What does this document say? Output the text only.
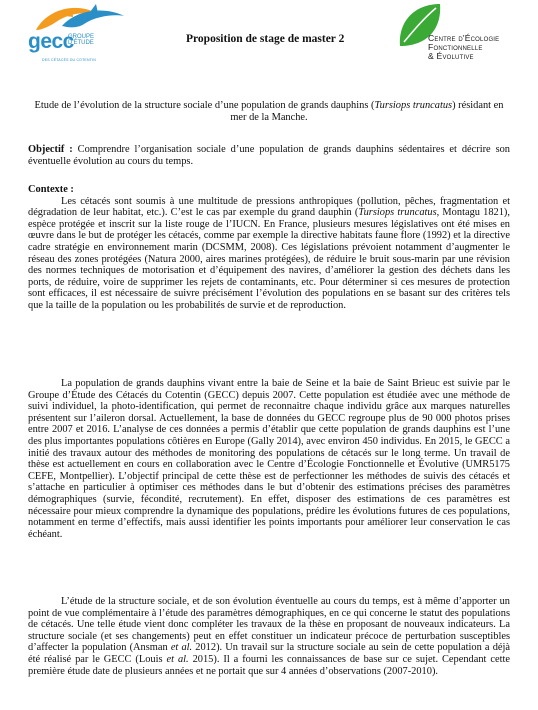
gecc
GROUPE D'ÉTUDE
DES CÉTACÉS DU COTENTIN
Proposition de stage de master 2	Centre d'Écologie
Fonctionnelle
& Évolutive
Etude de l’évolution de la structure sociale d’une population de grands dauphins (Tursiops truncatus) résidant en mer de la Manche.
Objectif : Comprendre l’organisation sociale d’une population de grands dauphins sédentaires et décrire son éventuelle évolution au cours du temps.
Contexte :

Les cétacés sont soumis à une multitude de pressions anthropiques (pollution, pêches, fragmentation et dégradation de leur habitat, etc.). C’est le cas par exemple du grand dauphin (Tursiops truncatus, Montagu 1821), espèce protégée et inscrit sur la liste rouge de l’IUCN. En France, plusieurs mesures législatives ont été mises en œuvre dans le but de protéger les cétacés, comme par exemple la directive habitats faune flore (1992) et la directive cadre stratégie en environnement marin (DCSMM, 2008). Ces législations prévoient notamment d’augmenter le réseau des zones protégées (Natura 2000, aires marines protégées), de réduire le bruit sous-marin par une révision des normes techniques de motorisation et d’équipement des navires, d’améliorer la gestion des déchets dans les ports, de réduire, voire de supprimer les rejets de contaminants, etc. Pour déterminer si ces mesures de protection sont efficaces, il est nécessaire de suivre précisément l’évolution des populations en se basant sur des critères tels que la taille de la population ou les probabilités de survie et de reproduction.

La population de grands dauphins vivant entre la baie de Seine et la baie de Saint Brieuc est suivie par le Groupe d’Étude des Cétacés du Cotentin (GECC) depuis 2007. Cette population est étudiée avec une méthode de suivi individuel, la photo-identification, qui permet de reconnaitre chaque individu grâce aux marques naturelles présentent sur l’aileron dorsal. Actuellement, la base de données du GECC regroupe plus de 90 000 photos prises entre 2007 et 2016. L’analyse de ces données a permis d’établir que cette population de grands dauphins est l’une des plus importantes populations côtières en Europe (Gally 2014), avec environ 450 individus. En 2015, le GECC a initié des travaux autour des méthodes de monitoring des populations de cétacés sur le long terme. Un travail de thèse est actuellement en cours en collaboration avec le Centre d’Écologie Fonctionnelle et Évolutive (UMR5175 CEFE, Montpellier). L’objectif principal de cette thèse est de perfectionner les méthodes de suivis des cétacés et s’attache en particulier à optimiser ces méthodes dans le but d’obtenir des estimations précises des paramètres démographiques (survie, fécondité, recrutement). En effet, disposer des estimations de ces paramètres est nécessaire pour mieux comprendre la dynamique des populations, prédire les évolutions futures de ces populations, notamment en terme d’effectifs, mais aussi identifier les points importants pour améliorer leur conservation le cas échéant.

L’étude de la structure sociale, et de son évolution éventuelle au cours du temps, est à même d’apporter un point de vue complémentaire à l’étude des paramètres démographiques, en ce qui concerne le statut des populations de cétacés. Une telle étude vient donc compléter les travaux de la thèse en proposant de nouveaux indicateurs. La structure sociale (et ses changements) peut en effet constituer un indicateur précoce de perturbation susceptibles d’affecter la population (Ansman et al. 2012). Un travail sur la structure sociale au sein de cette population a déjà été réalisé par le GECC (Louis et al. 2015). Il a fourni les connaissances de base sur ce sujet. Cependant cette première étude date de plusieurs années et ne portait que sur 4 années d’observations (2007-2010).
